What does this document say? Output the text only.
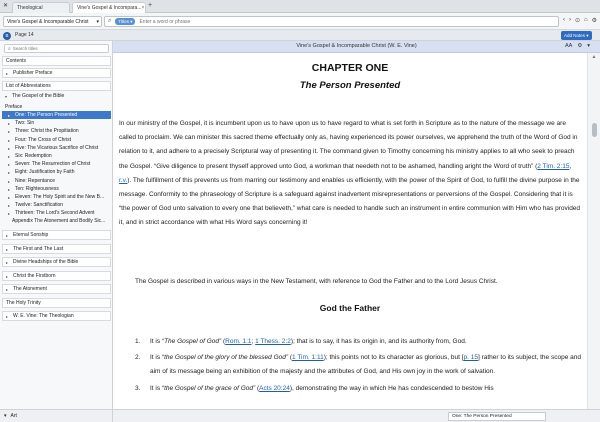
✕ Theological	Vine's Gospel & Incompara... × +
Vine's Gospel & Incomparable Christ ▾ ⌕	Titles ▾
Enter a word or phrase	‹ › ⊙ ⌂ ⚙
B	Page 14	Add Notes ▾
⌕
Search titles
Contents
▸ Publisher Preface
List of Abbreviations
▾ The Gospel of the Bible
Preface
▸ One: The Person Presented
▸ Two: Sin
▸ Three: Christ the Propitiation
▸ Four: The Cross of Christ
▸ Five: The Vicarious Sacrifice of Christ
▸ Six: Redemption
▸ Seven: The Resurrection of Christ
▸ Eight: Justification by Faith
▸ Nine: Repentance
▸ Ten: Righteousness
▸ Eleven: The Holy Spirit and the New B...
▸ Twelve: Sanctification
▸ Thirteen: The Lord's Second Advent
Appendix The Atonement and Bodily Sic...
▸ Eternal Sonship
▸ The First and The Last
▸ Divine Headships of the Bible
▸ Christ the Firstborn
▸ The Atonement
The Holy Trinity
▸ W. E. Vine: The Theologian
▾ Art
Vine's Gospel & Incomparable Christ (W. E. Vine)	AA ⚙ ▾
CHAPTER ONE
The Person Presented

In our ministry of the Gospel, it is incumbent upon us to have upon us to have regard to what is set forth in Scripture as to the nature of the message we are called to proclaim. We can minister this sacred theme effectually only as, having experienced its power ourselves, we apprehend the truth of the Word of God in relation to it, and adhere to a precisely Scriptural way of presenting it. The command given to Timothy concerning his ministry applies to all who seek to preach the Gospel. “Give diligence to present thyself approved unto God, a workman that needeth not to be ashamed, handling aright the Word of truth” (2 Tim. 2:15, r.v.). The fulfillment of this prevents us from marring our testimony and enables us efficiently, with the power of the Spirit of God, to fulfill the divine purpose in the message. Conformity to the phraseology of Scripture is a safeguard against inadvertent misrepresentations or perversions of the Gospel. Considering that it is “the power of God unto salvation to every one that believeth,” what care is needed to handle such an instrument in entire communion with Him who has provided it, and in strict accordance with what His Word says concerning it!

The Gospel is described in various ways in the New Testament, with reference to God the Father and to the Lord Jesus Christ.

God the Father
1. It is “The Gospel of God” (Rom. 1:1; 1 Thess. 2:2); that is to say, it has its origin in, and its authority from, God.
2. It is “the Gospel of the glory of the blessed God” (1 Tim. 1:11); this points not to its character as glorious, but [p. 15] rather to its subject, the scope and aim of its message being an exhibition of the majesty and the attributes of God, and His own joy in the work of salvation.
3. It is “the Gospel of the grace of God” (Acts 20:24), demonstrating the way in which He has condescended to bestow His
▲
One: The Person Presented
